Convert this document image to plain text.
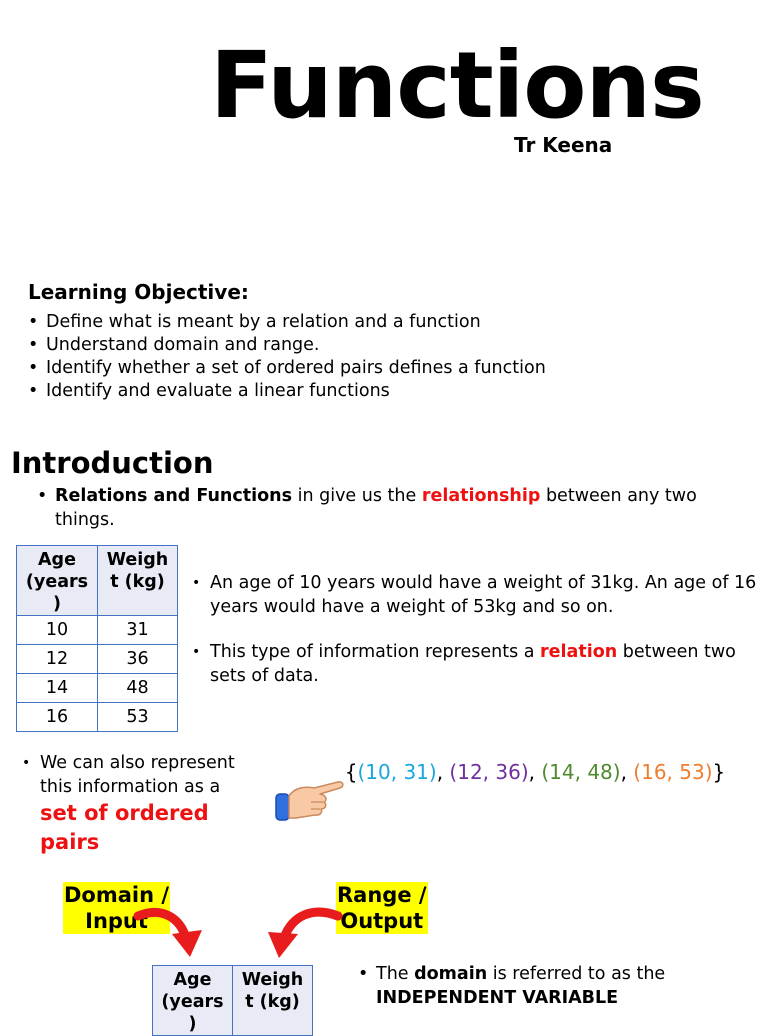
Functions
Tr Keena
Learning Objective:
• Define what is meant by a relation and a function
• Understand domain and range.
• Identify whether a set of ordered pairs defines a function
• Identify and evaluate a linear functions
Introduction
• Relations and Functions in give us the relationship between any two things.
Age (years )	Weigh t (kg)
10	31
12	36
14	48
16	53
• An age of 10 years would have a weight of 31kg. An age of 16 years would have a weight of 53kg and so on.
• This type of information represents a relation between two sets of data.
• We can also represent this information as a
set of ordered pairs
{(10, 31), (12, 36), (14, 48), (16, 53)}
Domain /
Input
Range /
Output
Age (years )	Weigh t (kg)
• The domain is referred to as the
INDEPENDENT VARIABLE
